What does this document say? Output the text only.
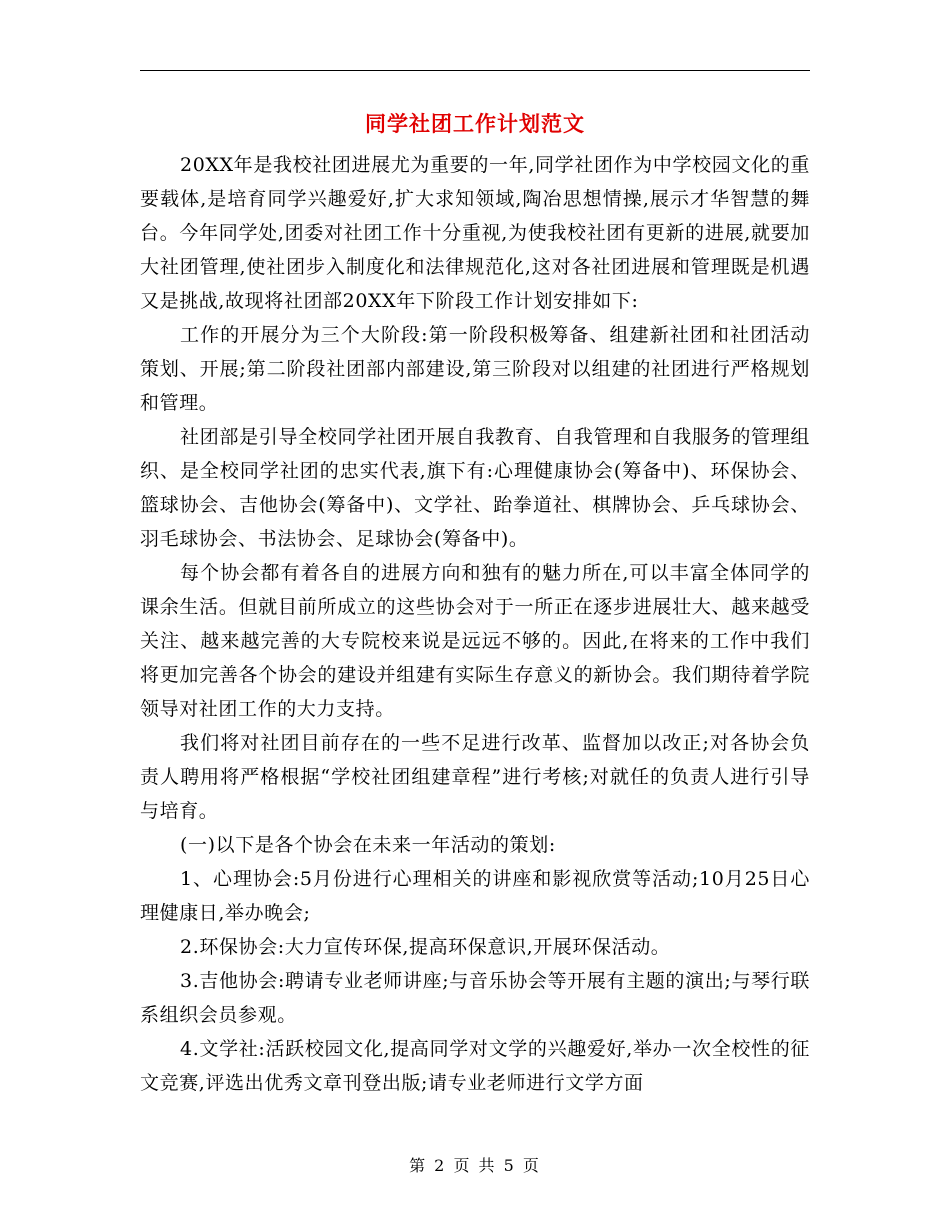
同学社团工作计划范文

20XX年是我校社团进展尤为重要的一年,同学社团作为中学校园文化的重要载体,是培育同学兴趣爱好,扩大求知领域,陶冶思想情操,展示才华智慧的舞台。今年同学处,团委对社团工作十分重视,为使我校社团有更新的进展,就要加大社团管理,使社团步入制度化和法律规范化,这对各社团进展和管理既是机遇又是挑战,故现将社团部20XX年下阶段工作计划安排如下:

工作的开展分为三个大阶段:第一阶段积极筹备、组建新社团和社团活动策划、开展;第二阶段社团部内部建设,第三阶段对以组建的社团进行严格规划和管理。

社团部是引导全校同学社团开展自我教育、自我管理和自我服务的管理组织、是全校同学社团的忠实代表,旗下有:心理健康协会(筹备中)、环保协会、篮球协会、吉他协会(筹备中)、文学社、跆拳道社、棋牌协会、乒乓球协会、羽毛球协会、书法协会、足球协会(筹备中)。

每个协会都有着各自的进展方向和独有的魅力所在,可以丰富全体同学的课余生活。但就目前所成立的这些协会对于一所正在逐步进展壮大、越来越受关注、越来越完善的大专院校来说是远远不够的。因此,在将来的工作中我们将更加完善各个协会的建设并组建有实际生存意义的新协会。我们期待着学院领导对社团工作的大力支持。

我们将对社团目前存在的一些不足进行改革、监督加以改正;对各协会负责人聘用将严格根据“学校社团组建章程”进行考核;对就任的负责人进行引导与培育。

(一)以下是各个协会在未来一年活动的策划:

1、心理协会:5月份进行心理相关的讲座和影视欣赏等活动;10月25日心理健康日,举办晚会;

2.环保协会:大力宣传环保,提高环保意识,开展环保活动。

3.吉他协会:聘请专业老师讲座;与音乐协会等开展有主题的演出;与琴行联系组织会员参观。

4.文学社:活跃校园文化,提高同学对文学的兴趣爱好,举办一次全校性的征文竞赛,评选出优秀文章刊登出版;请专业老师进行文学方面

第 2 页 共 5 页
